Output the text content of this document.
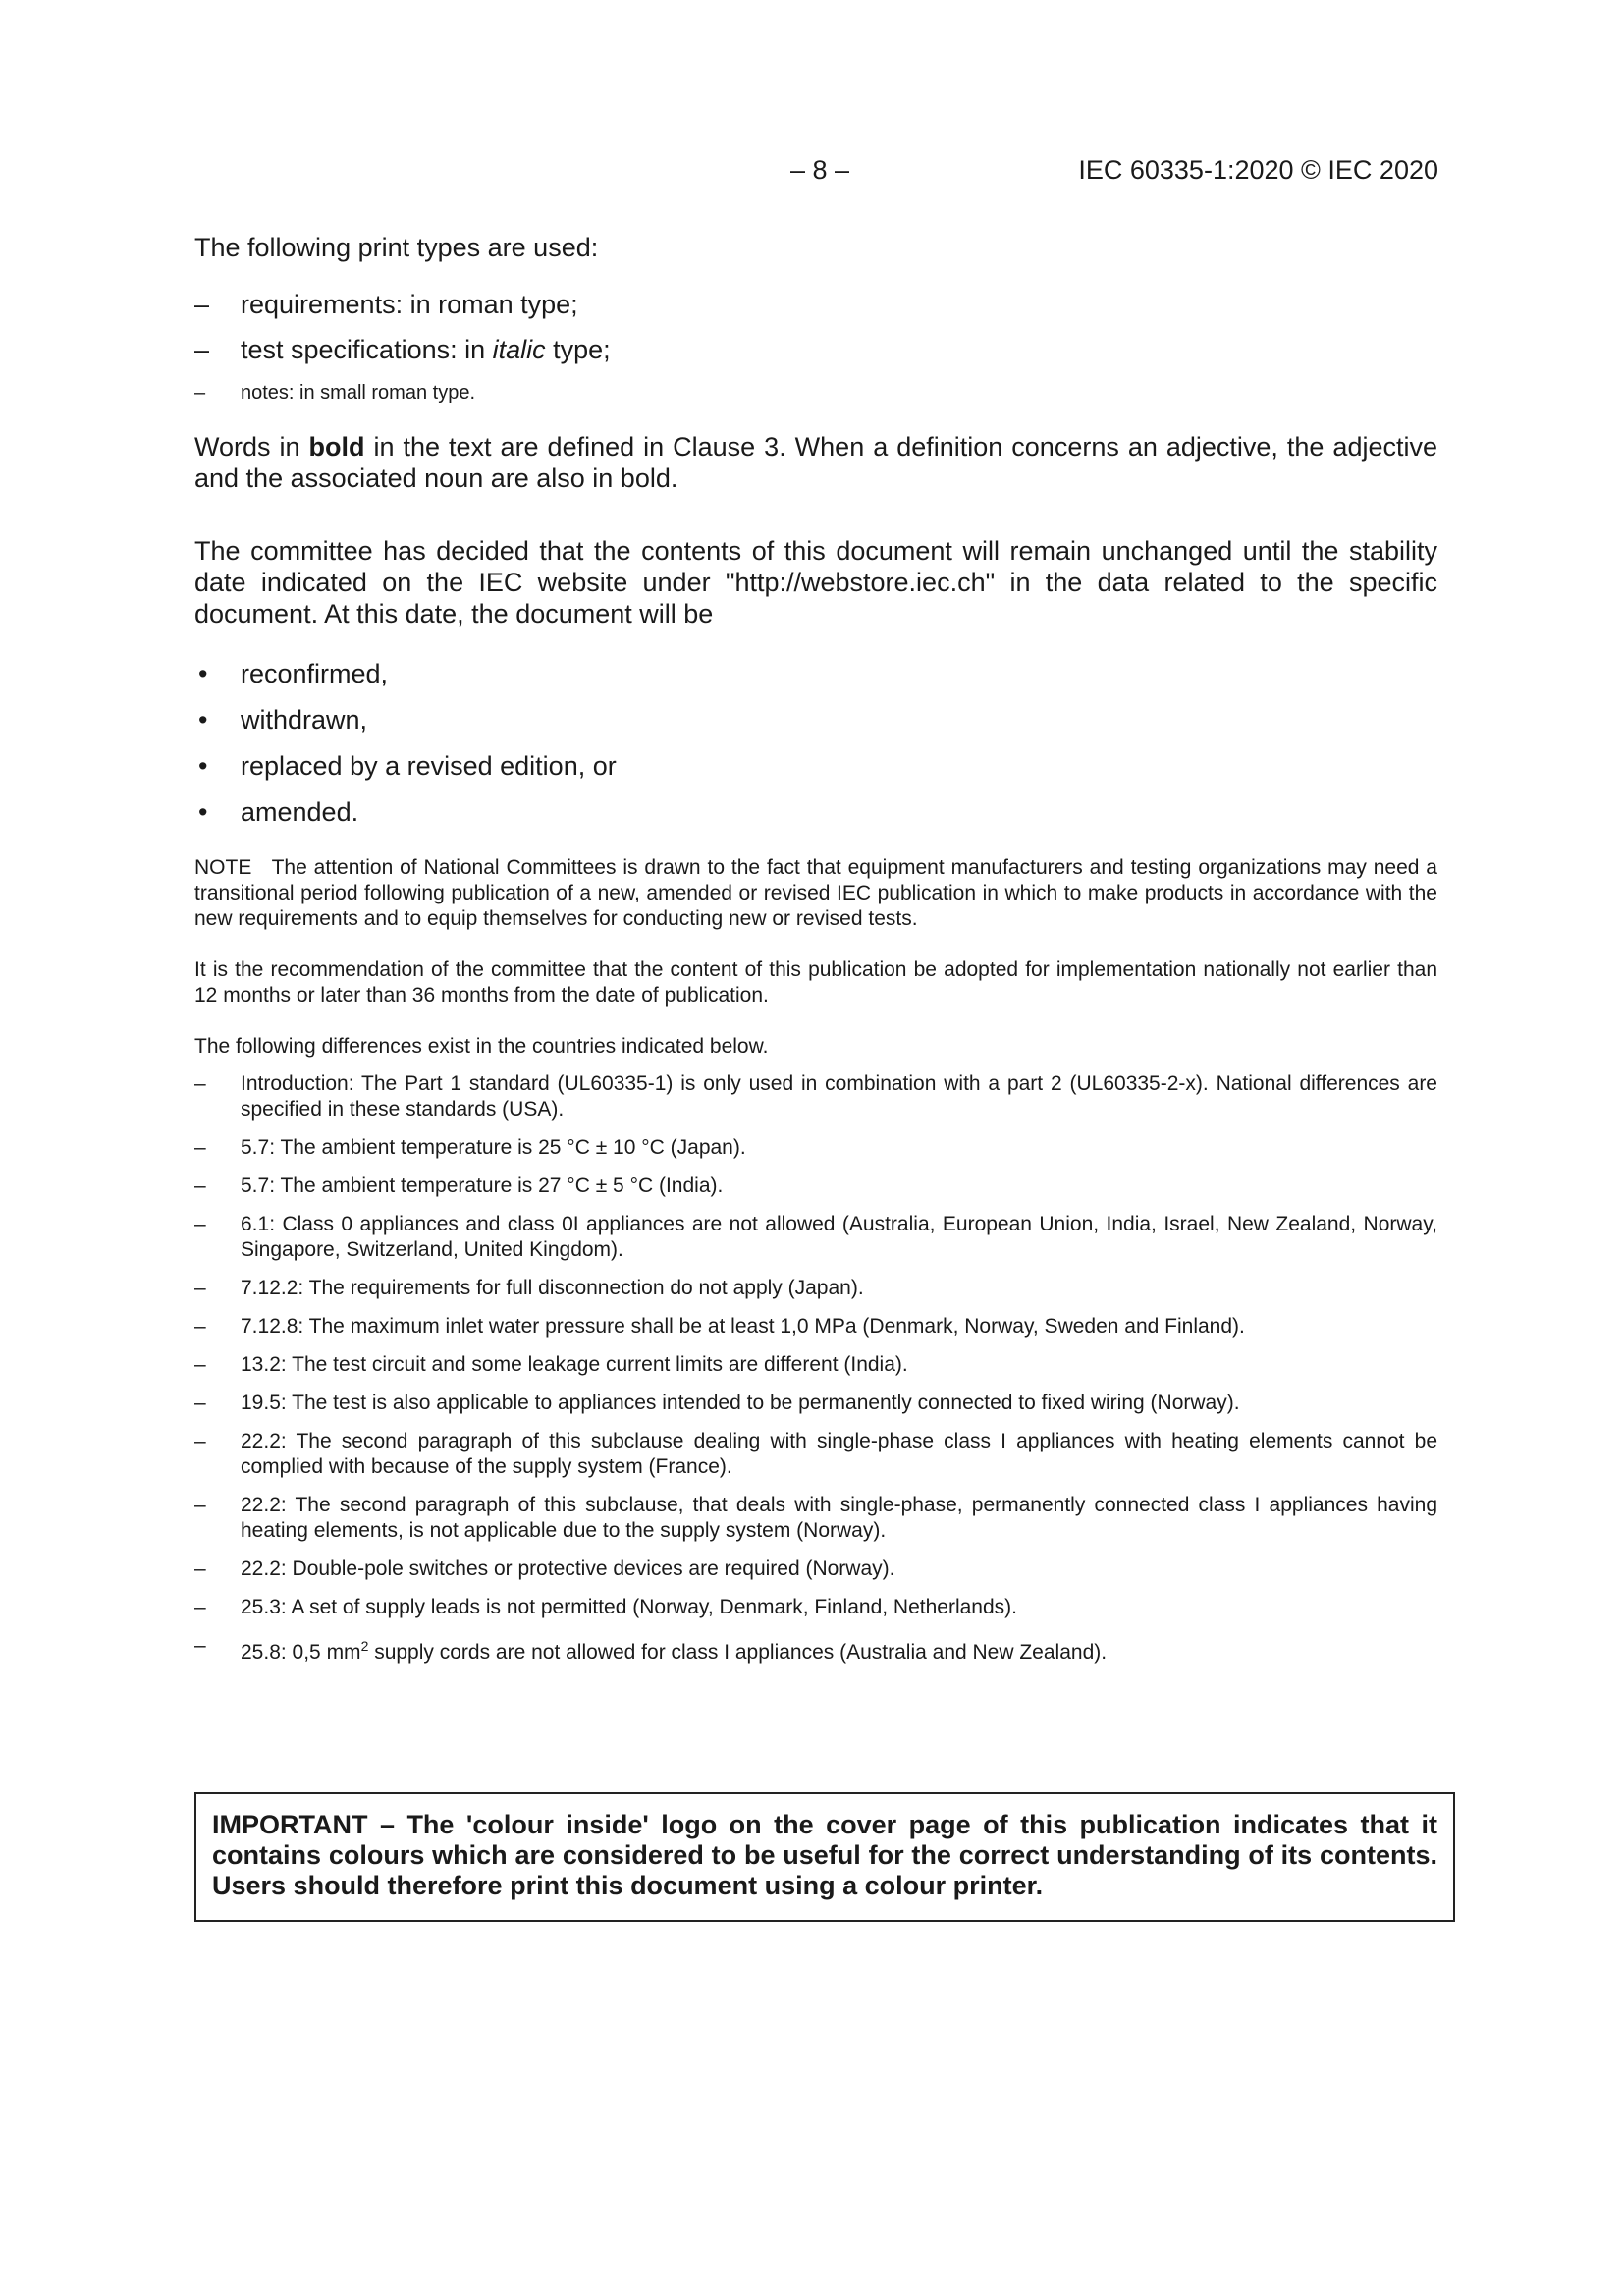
– 8 –	IEC 60335-1:2020 © IEC 2020

The following print types are used:

–	requirements: in roman type;
–	test specifications: in italic type;
–	notes: in small roman type.

Words in bold in the text are defined in Clause 3. When a definition concerns an adjective, the adjective and the associated noun are also in bold.

The committee has decided that the contents of this document will remain unchanged until the stability date indicated on the IEC website under "http://webstore.iec.ch" in the data related to the specific document. At this date, the document will be

•	reconfirmed,
•	withdrawn,
•	replaced by a revised edition, or
•	amended.

NOTE   The attention of National Committees is drawn to the fact that equipment manufacturers and testing organizations may need a transitional period following publication of a new, amended or revised IEC publication in which to make products in accordance with the new requirements and to equip themselves for conducting new or revised tests.

It is the recommendation of the committee that the content of this publication be adopted for implementation nationally not earlier than 12 months or later than 36 months from the date of publication.

The following differences exist in the countries indicated below.

–	Introduction: The Part 1 standard (UL60335-1) is only used in combination with a part 2 (UL60335-2-x). National differences are specified in these standards (USA).
–	5.7: The ambient temperature is 25 °C ± 10 °C (Japan).
–	5.7: The ambient temperature is 27 °C ± 5 °C (India).
–	6.1: Class 0 appliances and class 0I appliances are not allowed (Australia, European Union, India, Israel, New Zealand, Norway, Singapore, Switzerland, United Kingdom).
–	7.12.2: The requirements for full disconnection do not apply (Japan).
–	7.12.8: The maximum inlet water pressure shall be at least 1,0 MPa (Denmark, Norway, Sweden and Finland).
–	13.2: The test circuit and some leakage current limits are different (India).
–	19.5: The test is also applicable to appliances intended to be permanently connected to fixed wiring (Norway).
–	22.2: The second paragraph of this subclause dealing with single-phase class I appliances with heating elements cannot be complied with because of the supply system (France).
–	22.2: The second paragraph of this subclause, that deals with single-phase, permanently connected class I appliances having heating elements, is not applicable due to the supply system (Norway).
–	22.2: Double-pole switches or protective devices are required (Norway).
–	25.3: A set of supply leads is not permitted (Norway, Denmark, Finland, Netherlands).
–	25.8: 0,5 $mm^2$ supply cords are not allowed for class I appliances (Australia and New Zealand).
IMPORTANT – The 'colour inside' logo on the cover page of this publication indicates that it contains colours which are considered to be useful for the correct understanding of its contents. Users should therefore print this document using a colour printer.
